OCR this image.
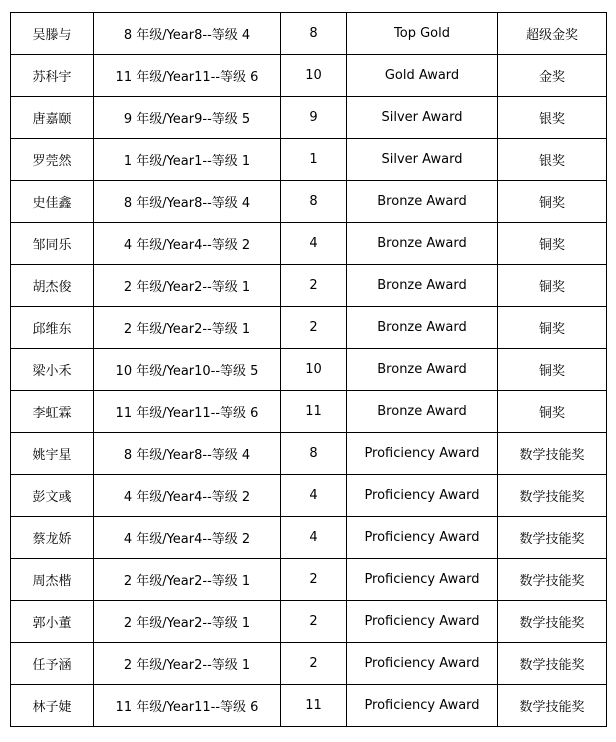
吴滕与	8 年级/Year8--等级 4	8	Top Gold	超级金奖
苏科宇	11 年级/Year11--等级 6	10	Gold Award	金奖
唐嘉颐	9 年级/Year9--等级 5	9	Silver Award	银奖
罗莞然	1 年级/Year1--等级 1	1	Silver Award	银奖
史佳鑫	8 年级/Year8--等级 4	8	Bronze Award	铜奖
邹同乐	4 年级/Year4--等级 2	4	Bronze Award	铜奖
胡杰俊	2 年级/Year2--等级 1	2	Bronze Award	铜奖
邱维东	2 年级/Year2--等级 1	2	Bronze Award	铜奖
梁小禾	10 年级/Year10--等级 5	10	Bronze Award	铜奖
李虹霖	11 年级/Year11--等级 6	11	Bronze Award	铜奖
姚宇星	8 年级/Year8--等级 4	8	Proficiency Award	数学技能奖
彭文彧	4 年级/Year4--等级 2	4	Proficiency Award	数学技能奖
蔡龙娇	4 年级/Year4--等级 2	4	Proficiency Award	数学技能奖
周杰楷	2 年级/Year2--等级 1	2	Proficiency Award	数学技能奖
郭小董	2 年级/Year2--等级 1	2	Proficiency Award	数学技能奖
任予涵	2 年级/Year2--等级 1	2	Proficiency Award	数学技能奖
林子婕	11 年级/Year11--等级 6	11	Proficiency Award	数学技能奖
